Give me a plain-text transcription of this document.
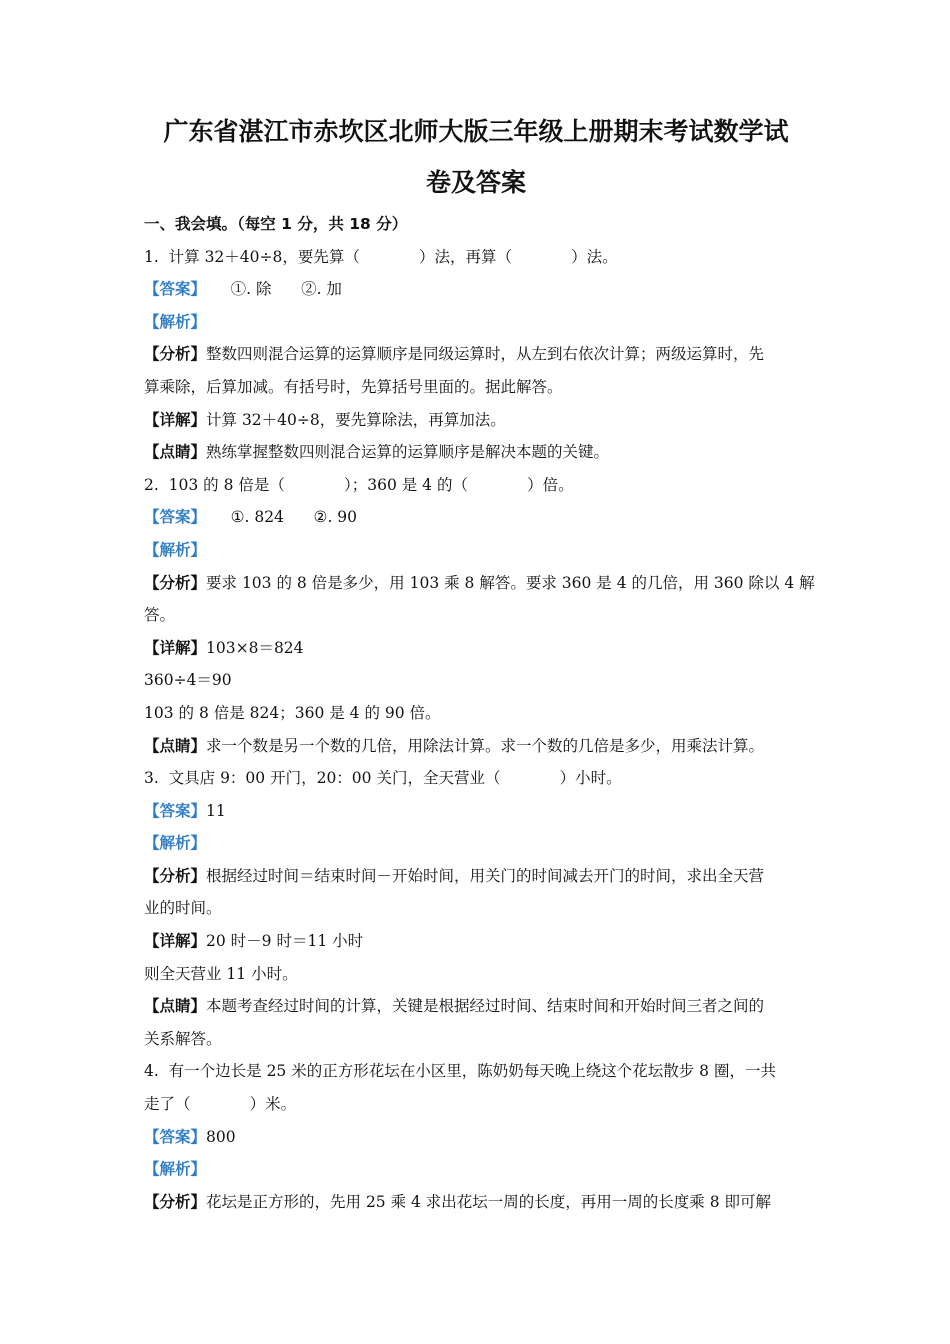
广东省湛江市赤坎区北师大版三年级上册期末考试数学试
卷及答案
一、我会填。（每空 1 分，共 18 分）
1.  计算 32＋40÷8，要先算（            ）法，再算（            ）法。
【答案】     ①. 除      ②. 加
【解析】
【分析】整数四则混合运算的运算顺序是同级运算时，从左到右依次计算；两级运算时，先
算乘除，后算加减。有括号时，先算括号里面的。据此解答。
【详解】计算 32＋40÷8，要先算除法，再算加法。
【点睛】熟练掌握整数四则混合运算的运算顺序是解决本题的关键。
2.  103 的 8 倍是（            ）；360 是 4 的（            ）倍。
【答案】     ①. 824      ②. 90
【解析】
【分析】要求 103 的 8 倍是多少，用 103 乘 8 解答。要求 360 是 4 的几倍，用 360 除以 4 解
答。
【详解】103×8＝824
360÷4＝90
103 的 8 倍是 824；360 是 4 的 90 倍。
【点睛】求一个数是另一个数的几倍，用除法计算。求一个数的几倍是多少，用乘法计算。
3.  文具店 9：00 开门，20：00 关门，全天营业（            ）小时。
【答案】11
【解析】
【分析】根据经过时间＝结束时间－开始时间，用关门的时间减去开门的时间，求出全天营
业的时间。
【详解】20 时－9 时＝11 小时
则全天营业 11 小时。
【点睛】本题考查经过时间的计算，关键是根据经过时间、结束时间和开始时间三者之间的
关系解答。
4.  有一个边长是 25 米的正方形花坛在小区里，陈奶奶每天晚上绕这个花坛散步 8 圈，一共
走了（            ）米。
【答案】800
【解析】
【分析】花坛是正方形的，先用 25 乘 4 求出花坛一周的长度，再用一周的长度乘 8 即可解
